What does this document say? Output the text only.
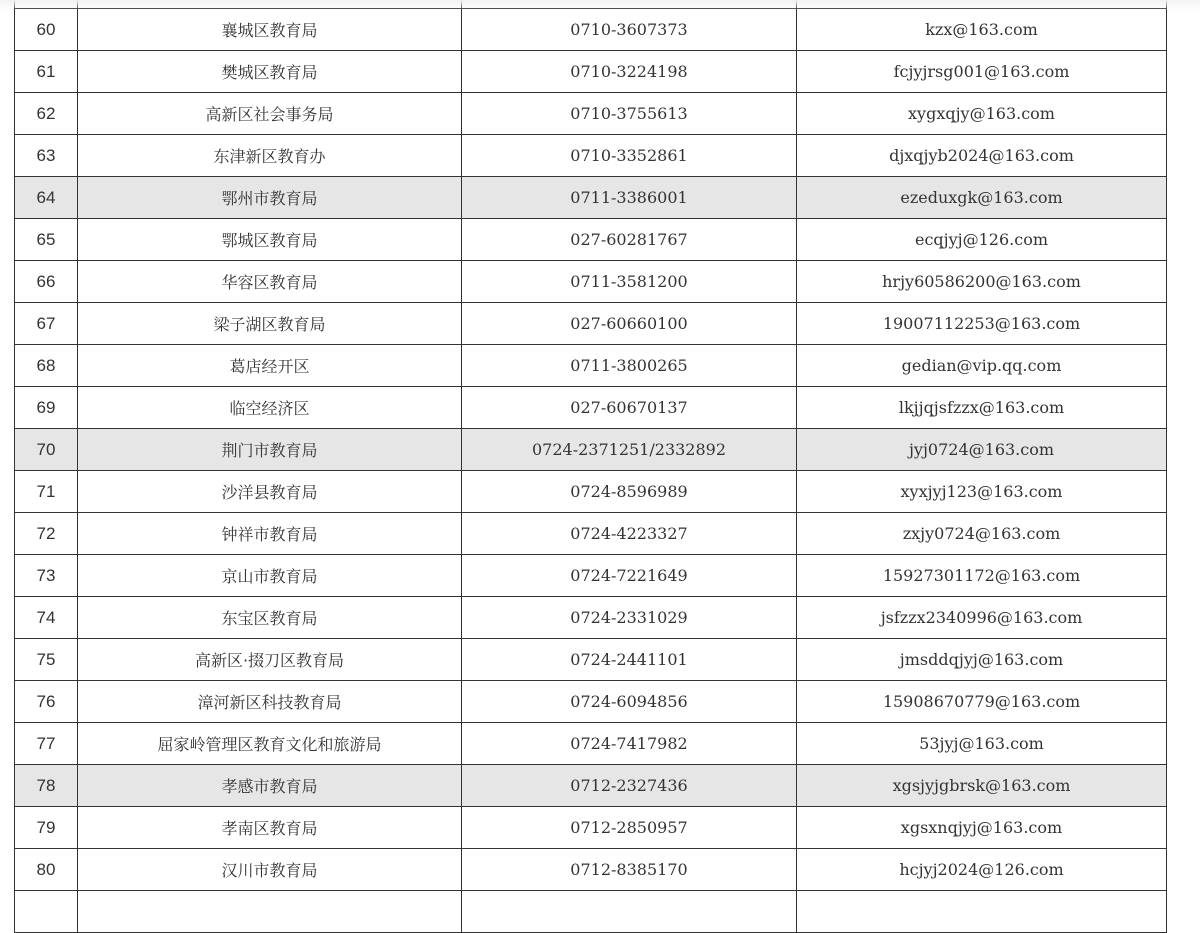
60	襄城区教育局	0710-3607373	kzx@163.com
61	樊城区教育局	0710-3224198	fcjyjrsg001@163.com
62	高新区社会事务局	0710-3755613	xygxqjy@163.com
63	东津新区教育办	0710-3352861	djxqjyb2024@163.com
64	鄂州市教育局	0711-3386001	ezeduxgk@163.com
65	鄂城区教育局	027-60281767	ecqjyj@126.com
66	华容区教育局	0711-3581200	hrjy60586200@163.com
67	梁子湖区教育局	027-60660100	19007112253@163.com
68	葛店经开区	0711-3800265	gedian@vip.qq.com
69	临空经济区	027-60670137	lkjjqjsfzzx@163.com
70	荆门市教育局	0724-2371251/2332892	jyj0724@163.com
71	沙洋县教育局	0724-8596989	xyxjyj123@163.com
72	钟祥市教育局	0724-4223327	zxjy0724@163.com
73	京山市教育局	0724-7221649	15927301172@163.com
74	东宝区教育局	0724-2331029	jsfzzx2340996@163.com
75	高新区·掇刀区教育局	0724-2441101	jmsddqjyj@163.com
76	漳河新区科技教育局	0724-6094856	15908670779@163.com
77	屈家岭管理区教育文化和旅游局	0724-7417982	53jyj@163.com
78	孝感市教育局	0712-2327436	xgsjyjgbrsk@163.com
79	孝南区教育局	0712-2850957	xgsxnqjyj@163.com
80	汉川市教育局	0712-8385170	hcjyj2024@126.com
